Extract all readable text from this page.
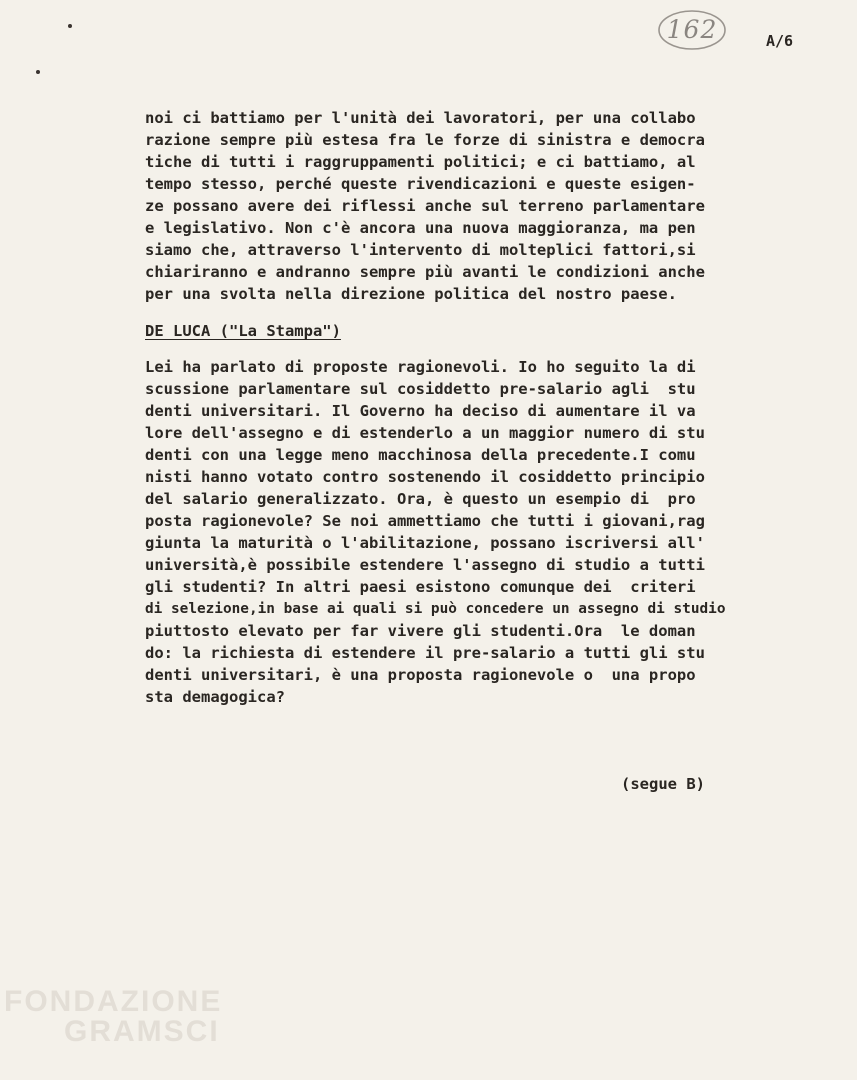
162	A/6
noi ci battiamo per l'unità dei lavoratori, per una collabo
razione sempre più estesa fra le forze di sinistra e democra
tiche di tutti i raggruppamenti politici; e ci battiamo, al
tempo stesso, perché queste rivendicazioni e queste esigen-
ze possano avere dei riflessi anche sul terreno parlamentare
e legislativo. Non c'è ancora una nuova maggioranza, ma pen
siamo che, attraverso l'intervento di molteplici fattori,si
chiariranno e andranno sempre più avanti le condizioni anche
per una svolta nella direzione politica del nostro paese.
DE LUCA ("La Stampa")
Lei ha parlato di proposte ragionevoli. Io ho seguito la di
scussione parlamentare sul cosiddetto pre-salario agli  stu
denti universitari. Il Governo ha deciso di aumentare il va
lore dell'assegno e di estenderlo a un maggior numero di stu
denti con una legge meno macchinosa della precedente.I comu
nisti hanno votato contro sostenendo il cosiddetto principio
del salario generalizzato. Ora, è questo un esempio di  pro
posta ragionevole? Se noi ammettiamo che tutti i giovani,rag
giunta la maturità o l'abilitazione, possano iscriversi all'
università,è possibile estendere l'assegno di studio a tutti
gli studenti? In altri paesi esistono comunque dei  criteri
di selezione,in base ai quali si può concedere un assegno di studio
piuttosto elevato per far vivere gli studenti.Ora  le doman
do: la richiesta di estendere il pre-salario a tutti gli stu
denti universitari, è una proposta ragionevole o  una propo
sta demagogica?
(segue B)
FONDAZIONE
GRAMSCI
